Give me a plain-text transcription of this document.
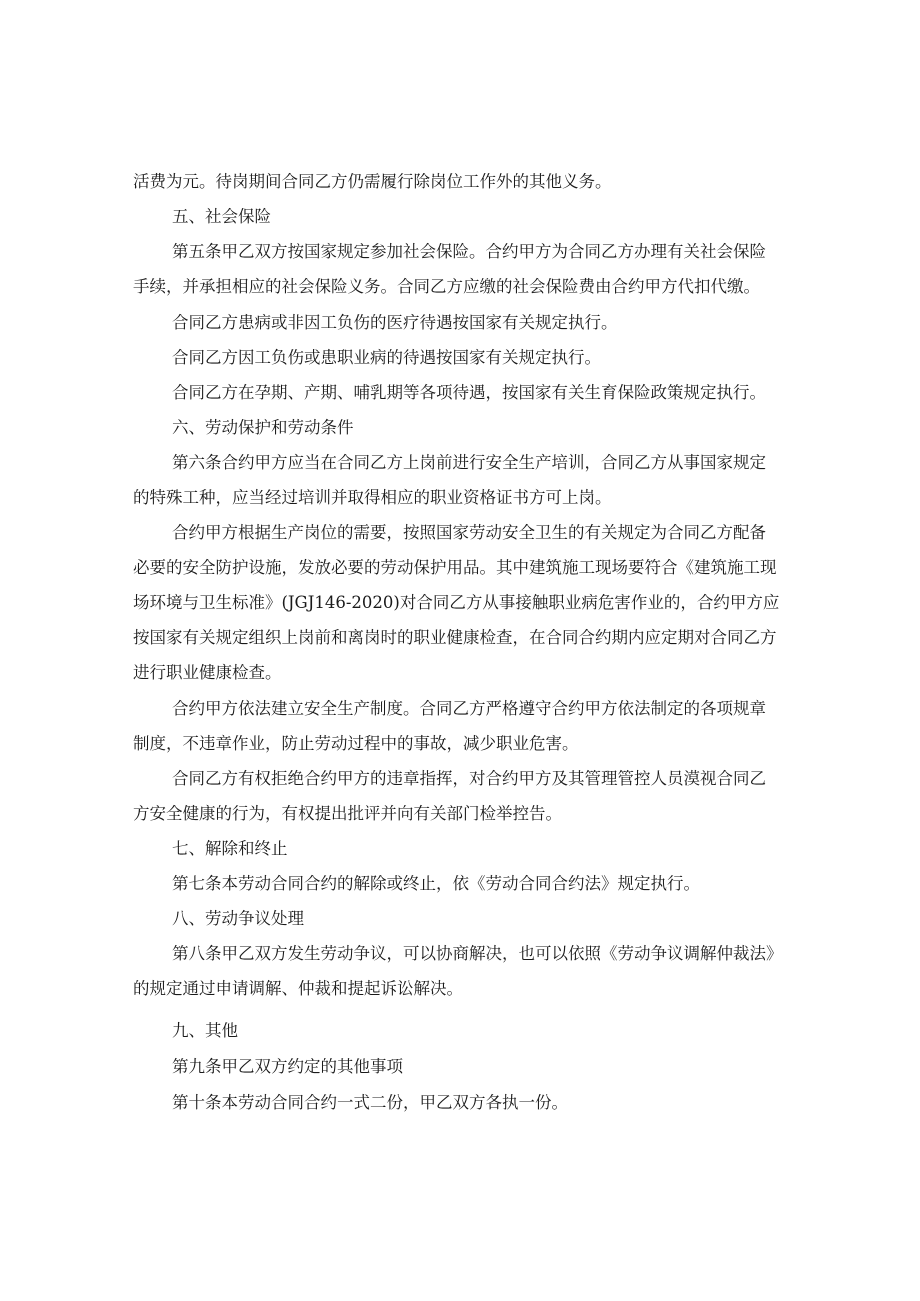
活费为元。待岗期间合同乙方仍需履行除岗位工作外的其他义务。
五、社会保险
第五条甲乙双方按国家规定参加社会保险。合约甲方为合同乙方办理有关社会保险
手续，并承担相应的社会保险义务。合同乙方应缴的社会保险费由合约甲方代扣代缴。
合同乙方患病或非因工负伤的医疗待遇按国家有关规定执行。
合同乙方因工负伤或患职业病的待遇按国家有关规定执行。
合同乙方在孕期、产期、哺乳期等各项待遇，按国家有关生育保险政策规定执行。
六、劳动保护和劳动条件
第六条合约甲方应当在合同乙方上岗前进行安全生产培训，合同乙方从事国家规定
的特殊工种，应当经过培训并取得相应的职业资格证书方可上岗。
合约甲方根据生产岗位的需要，按照国家劳动安全卫生的有关规定为合同乙方配备
必要的安全防护设施，发放必要的劳动保护用品。其中建筑施工现场要符合《建筑施工现
场环境与卫生标准》(JGJ146-2020)对合同乙方从事接触职业病危害作业的，合约甲方应
按国家有关规定组织上岗前和离岗时的职业健康检查，在合同合约期内应定期对合同乙方
进行职业健康检查。
合约甲方依法建立安全生产制度。合同乙方严格遵守合约甲方依法制定的各项规章
制度，不违章作业，防止劳动过程中的事故，减少职业危害。
合同乙方有权拒绝合约甲方的违章指挥，对合约甲方及其管理管控人员漠视合同乙
方安全健康的行为，有权提出批评并向有关部门检举控告。
七、解除和终止
第七条本劳动合同合约的解除或终止，依《劳动合同合约法》规定执行。
八、劳动争议处理
第八条甲乙双方发生劳动争议，可以协商解决，也可以依照《劳动争议调解仲裁法》
的规定通过申请调解、仲裁和提起诉讼解决。
九、其他
第九条甲乙双方约定的其他事项
第十条本劳动合同合约一式二份，甲乙双方各执一份。
